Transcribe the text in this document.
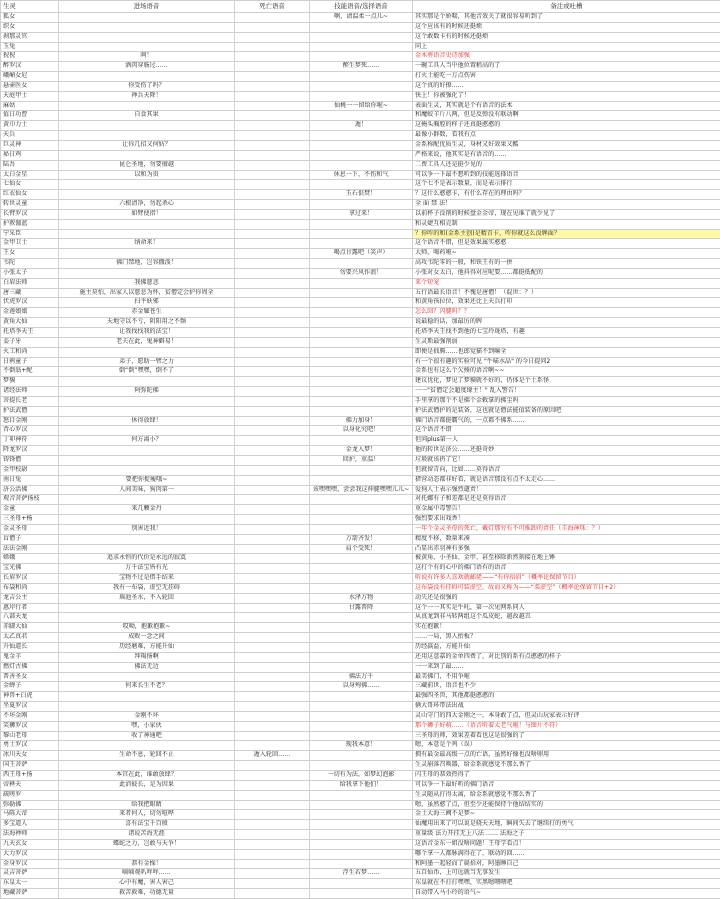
生灵	进场语音	死亡语音	技能语音/选择语音	备注或吐槽
狐女			啊，请温柔一点儿~	其实那是个娇喘，其他音效关了就很容易听到了
织女				这个应该有的时候还挺烦
刹那灵官				这个敢数卡有的时候还挺烦
玉兔				同上
猊猊	呵！			金木葬语音史诗加强
醉罗汉	酒肉穿肠过……		醉生梦死……	一碗工具人当中他位置稍高的了
峨嵋女尼				打火土能吃一万点伤害
悬壶医女	你受伤了吗？			这个真的好撩……
天庭甲士	禅兵天降！			快上！你被强化了！
麻姑			仙桃一一留给你啦~	表面生灵，其实就是个有语音的法术
值日功曹	自食其果			和魔蛟羊斤八两，但是反弹没有联动啊
黄巾力士			遁！	这掩头胸腔的样子还真挺憨憨的
天兵				最像小群数，看我有点
巨灵神	让你几招又何妨？			金系称配优质生灵，身材又好效果又酷
昴日鸡				严格来说，他其实是有语音的……
陆吾	昆仑圣地，勿要擅越			二费工具人还是挺少见的
太白金星	以和为贵		休息一下，不伤和气	可以争一下最不想听到的技能选择语音
七仙女				这个七不是表示数量，而是表示排行
红衣仙女			玉石俱焚！	？这什么憨憨卡，有什么存在的理由吗？
转世灵童	六根清净，勿起杀心			全 面 禁 法！
长臂罗汉	如臂使指！		拿过来！	以前杯子没削的时候盘金金帝，现在见谁了就少见了
护教伽蓝				和灵婕互相克制
宁采臣				？你咋的和(金系主创)是精青卡，咋你就这么没牌面？
金甲卫士	纳命来！			这个语音不错，但是效果属实憨憨
王女			喝点甘露吧（笑声）	大师，喝药啦~
韦陀	佛门禁地，岂容撒泼！			高攻韦陀零的一般，和铁王有的一拼
小张太子			勿要兴风作浪！	小张对女太白，他抖得对应呢要……都挺低配的
白眉法师	我佛慈悲			来个短宠
唐三藏	施主莫怕，出家人以慈悲为怀，贫僧定会护你周全			五行语最长语音！不愧是唐僧！（混世：？）
伏虎罗汉	扫平妖邪			和黄角孩拉位，效果还比上天兵打印
金莲娘娘	赤金耀苍生			怎么回？闪腿吗？？
黄角大仙	天地守以不亏，阴阳用之不频			说最稳的话，加最厉的牌
托塔李天王	让我找找我的法宝！			托塔李天王找不到他的七宝玲珑塔，有趣
姜子牙	老夫在此，鬼神僻易！			生灵斯最强削弱
火工和尚				即便是拙腾……也郎觉猫不到嘛全
日鸦童子	弟子，愿助一臂之力			有一个很有趣的实验可见 "牛喵水晶" 的今日提问2
不倒翁+配	倒“倒”嘿嘿，倒不了			金系也有这么个欠揍的语音啊~~
梦貘				建议优化，梦见了梦貘就不好的，仍体是个土系怪
诸经法师	阿弥陀佛			一一"贫僧定会超度缘主！" 乱入警告！
菩提长老				手里拿的那个不是佛个金敕掌的拂尘吗
护法武僧				护法武僧护的是装备，这也就是僧法能值装备的原因吧
怒目金刚	休得放肆！		佛力加身！	佛门语音都挺霸气的，一点都不佛系……
背心罗汉			以身化究吧！	这个语音不错
丁卯神符	何方离小？			但问plus第一人
降龙罗汉			金龙入梦！	他的转世是济公……还挺奇妙
铸锋僧			回护，重温！	垃圾就该扔了它！
金甲校尉				但就留青向，比如……莫得语音
南日兔	要把你捉瘦哦~			猎营动态都非好看，就是语音那没有点不太走心……
济公活佛	人间美味，狗肉第一		该嘿嘿嘿，尝尝我这伸腿嘿嘿儿儿~	爱狗人士表示强烈谴责！
观音菩萨扬枝				对托娜有子和差都是还是莫得语音
金童	来几颗金丹			重金属中毒警告！
三圣母+杨				强烈要求出戏香！
金灵圣母	别害近我！			一年个金灵圣母的死亡，戴灯那穷有不可推卸的责任（圭海神珠：？）
盲僧子			万箭齐发！	精度不移，数量来凑
法法金刚			肩个受死！	凸显出赤羽神有多强
嫦娥	追求永恒的代价是永远的寂寞			被黄角、小圣仙、金甲、甚至移除新然刻接在地上锤
宝光佛	万千法宝皆有光			这打个有的心中的佛门语有的语音
长眉罗汉	宝物不过是借手结来			听说有许多人喜欢就邮佬——“有你拾眉”（概率论保留节目）
布袋和尚	我有一布袋，虚空无挂碍			这布袋没有挂碍可装虚空，故而又称为——“菜虚空”（概率论保留节目+2）
龙吉公主	瑶池圣水，不入轮回		水泽万物	动失还是很强的
惠岸行者			甘露普降	这个一一其实是牛吒，第一次见网系同人
八部天龙				从真龙到非马转两组这个瓜皮蛇，越改越丑
赤脚大仙	哎呦，抱歉抱歉~			实在抱歉！
太乙真君	成败一念之间			……一局，黑人抬板？
升仙道长	历经磨难，方能升仙			历经羸益，方能升仙
鬼金羊	拜羯扬啊			还用这意嘉的金单四费了，对比别的系有点憨憨的样子
燃灯古佛	佛法无边			一一来到了最……
普善圣女			佛法万千	最美佛门，不用争啦
金蝉子	何来长生不老？		以身殉佛……	三藏前世，语音也不少
神兽+白虎				最强四圣兽，其他都挺憨憨的
坐夏罗汉				俩大哥环带法出战
不坏金刚	金刚不坏			灵山守门的四大金刚之一，本身敢了点，但灵山玩家表示好评
笑狮罗汉	嘿，小家伙			那个狮子好萌……（语音听着太老气啦！与图片不符）
黎山老母	收了神通吧			三圣母的师，效果差着看也这是很强的了
勇士罗汉			现我本意！	嗯，本意是个鸡（误）
冰川天女	生命不息，轮回不止	遁入轮回……		拥有最金最高级一点的亡语，虽然好像也没啥卵用
国王菩萨				生灵崩落召唤器，给金系就感觉不那么香了
西王母+扬	本宫在此，谁敢放肆？		一切有为法，如梦幻泡影	闪王母的恭效热得了
帝释天	此消彼长，是为因果		给我拿下他们！	可以争一下最好听的佛门语音
疏嗟罗				生灵随从打得太离，给金系就感觉不那么香了
弥勒佛	给我把眼睛			嗯，虽然憨了点，但至少还能保持个他结结实的
马陈大帝	来者何人，切勿喧哗			金土大海三阙不是梦~
多宝道人	喜有法宝千百般			仙魔用出来了可以说是骁天天地，瞬间失去了继续打的勇气
法海禅师	诸说苦海无涯			重量级 法力开挂无上八法 …… 法海之子
九天玄女	蝶蛇之力，岂敢与天争！			这语音金东一姐没啥问题！王母学看点！
大力罗汉				哪个拿一人都脉满得在了，联动的回……
金身罗汉	恭有金操！			和阿墨一起轻而了扁拾对，阿墨睡自己
灵吉菩萨	嘀嘀观叭咩咩……		浮生若梦……	五百仙币，上可远就当无事发生
东皇太一	心中有魔，害人害己			东皇就在不打打嘿嘿，实黑嗯喂喂吧
地藏菩萨	救苦救难，功德无量			自动带入马小玲的语气~
